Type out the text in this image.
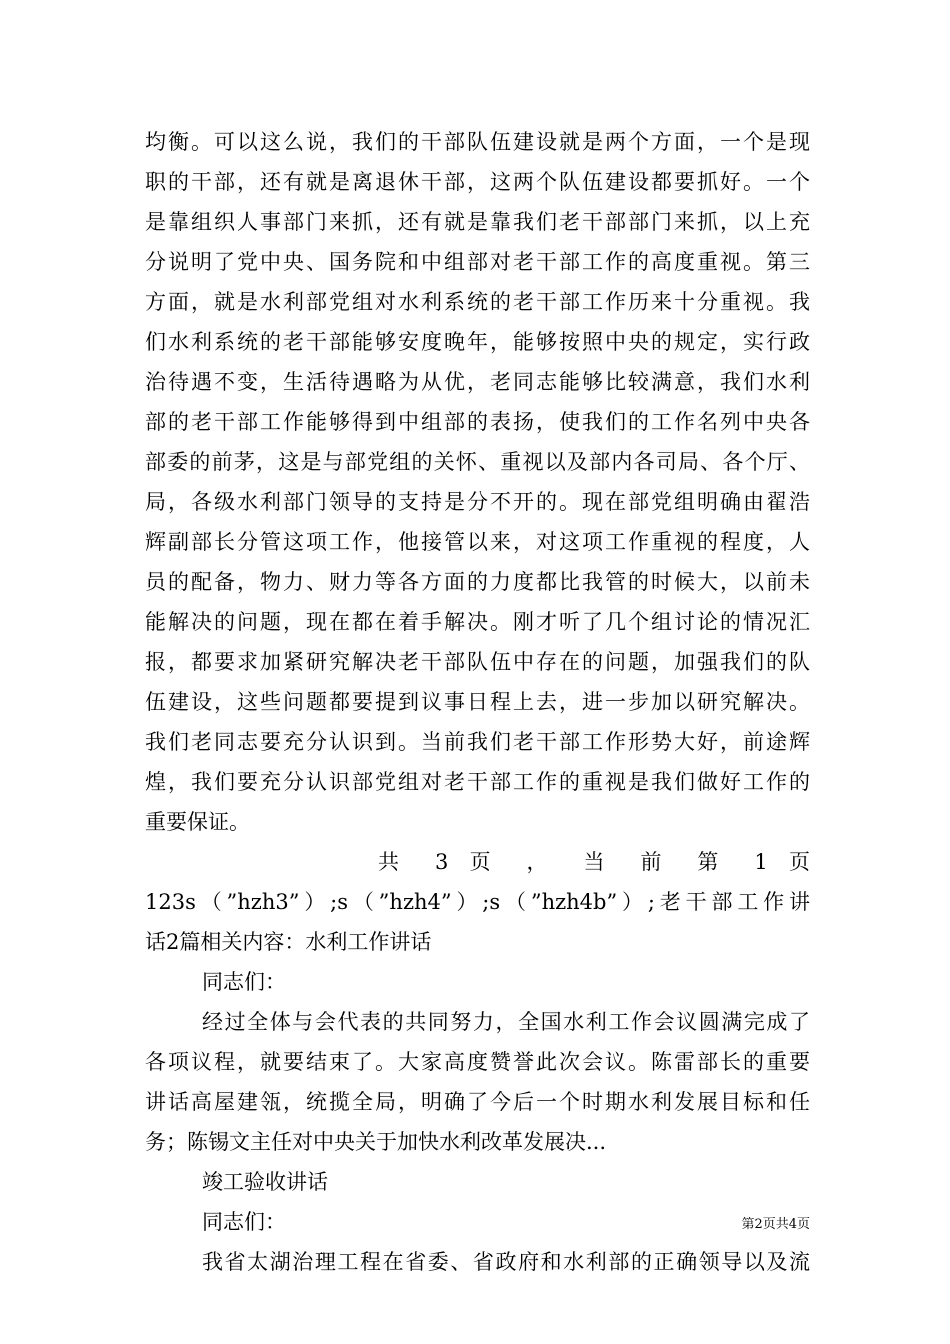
均衡。可以这么说，我们的干部队伍建设就是两个方面，一个是现
职的干部，还有就是离退休干部，这两个队伍建设都要抓好。一个
是靠组织人事部门来抓，还有就是靠我们老干部部门来抓，以上充
分说明了党中央、国务院和中组部对老干部工作的高度重视。第三
方面，就是水利部党组对水利系统的老干部工作历来十分重视。我
们水利系统的老干部能够安度晚年，能够按照中央的规定，实行政
治待遇不变，生活待遇略为从优，老同志能够比较满意，我们水利
部的老干部工作能够得到中组部的表扬，使我们的工作名列中央各
部委的前茅，这是与部党组的关怀、重视以及部内各司局、各个厅、
局，各级水利部门领导的支持是分不开的。现在部党组明确由翟浩
辉副部长分管这项工作，他接管以来，对这项工作重视的程度，人
员的配备，物力、财力等各方面的力度都比我管的时候大，以前未
能解决的问题，现在都在着手解决。刚才听了几个组讨论的情况汇
报，都要求加紧研究解决老干部队伍中存在的问题，加强我们的队
伍建设，这些问题都要提到议事日程上去，进一步加以研究解决。
我们老同志要充分认识到。当前我们老干部工作形势大好，前途辉
煌，我们要充分认识部党组对老干部工作的重视是我们做好工作的
重要保证。
共 3 页 ， 当 前 第 1 页
123s（”hzh3”）;s（”hzh4”）;s（”hzh4b”）;老干部工作讲
话2篇相关内容：水利工作讲话
同志们：
经过全体与会代表的共同努力，全国水利工作会议圆满完成了
各项议程，就要结束了。大家高度赞誉此次会议。陈雷部长的重要
讲话高屋建瓴，统揽全局，明确了今后一个时期水利发展目标和任
务；陈锡文主任对中央关于加快水利改革发展决...
竣工验收讲话
同志们：
我省太湖治理工程在省委、省政府和水利部的正确领导以及流
第2页共4页
